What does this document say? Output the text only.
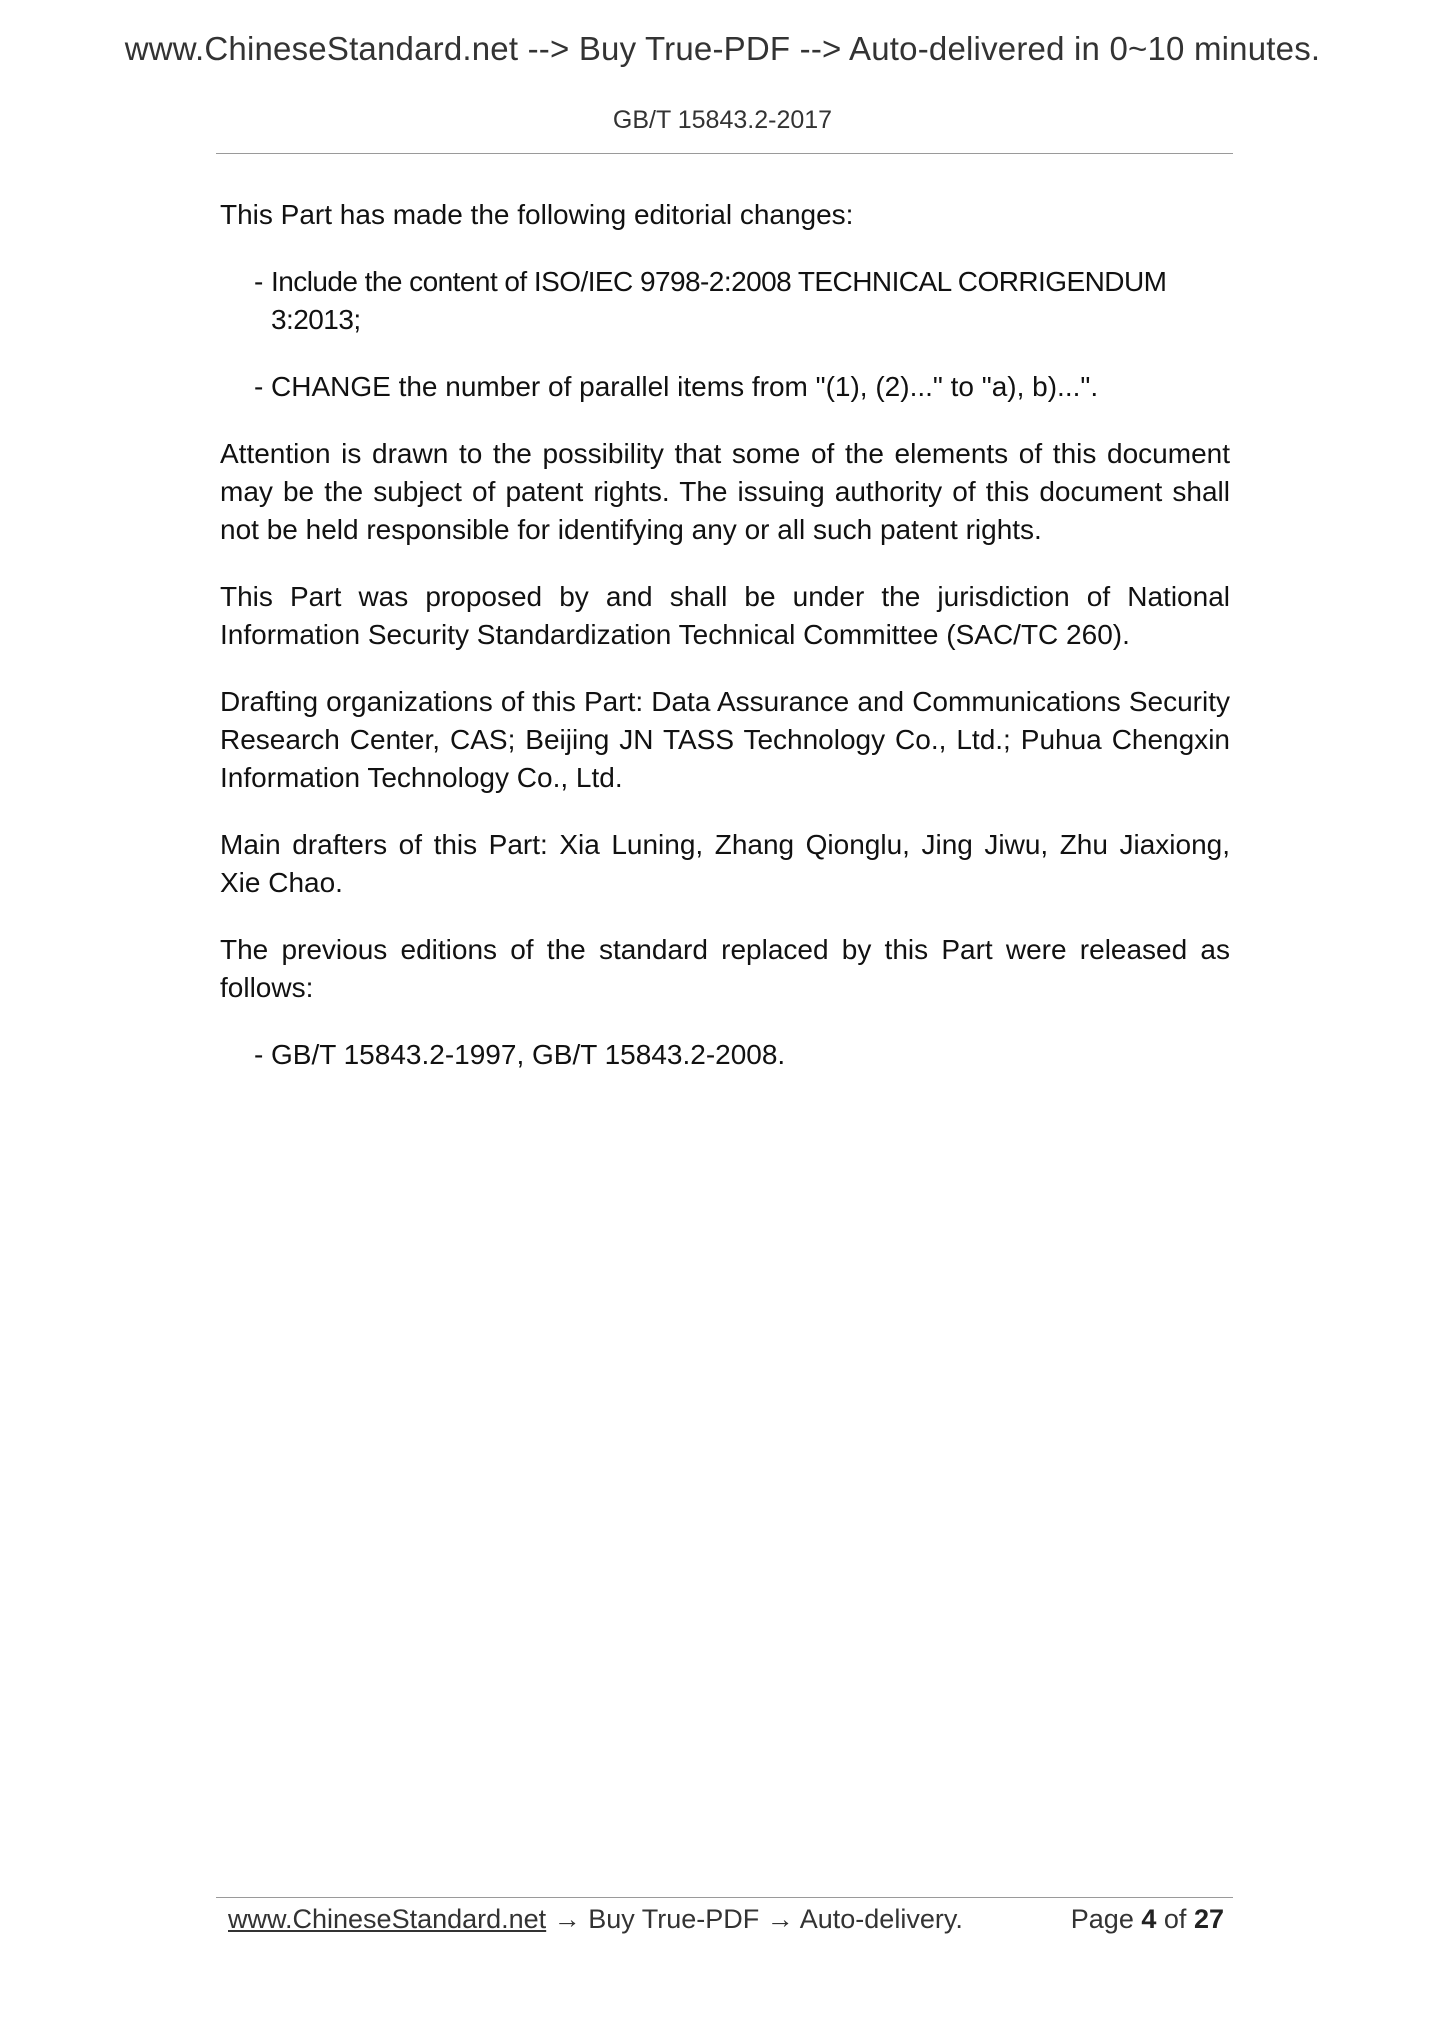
www.ChineseStandard.net --> Buy True-PDF --> Auto-delivered in 0~10 minutes.
GB/T 15843.2-2017

This Part has made the following editorial changes:

- Include the content of ISO/IEC 9798-2:2008 TECHNICAL CORRIGENDUM 3:2013;
- CHANGE the number of parallel items from "(1), (2)..." to "a), b)...".

Attention is drawn to the possibility that some of the elements of this document may be the subject of patent rights. The issuing authority of this document shall not be held responsible for identifying any or all such patent rights.

This Part was proposed by and shall be under the jurisdiction of National Information Security Standardization Technical Committee (SAC/TC 260).

Drafting organizations of this Part: Data Assurance and Communications Security Research Center, CAS; Beijing JN TASS Technology Co., Ltd.; Puhua Chengxin Information Technology Co., Ltd.

Main drafters of this Part: Xia Luning, Zhang Qionglu, Jing Jiwu, Zhu Jiaxiong, Xie Chao.

The previous editions of the standard replaced by this Part were released as follows:

- GB/T 15843.2-1997, GB/T 15843.2-2008.
www.ChineseStandard.net → Buy True-PDF → Auto-delivery.	Page 4 of 27
